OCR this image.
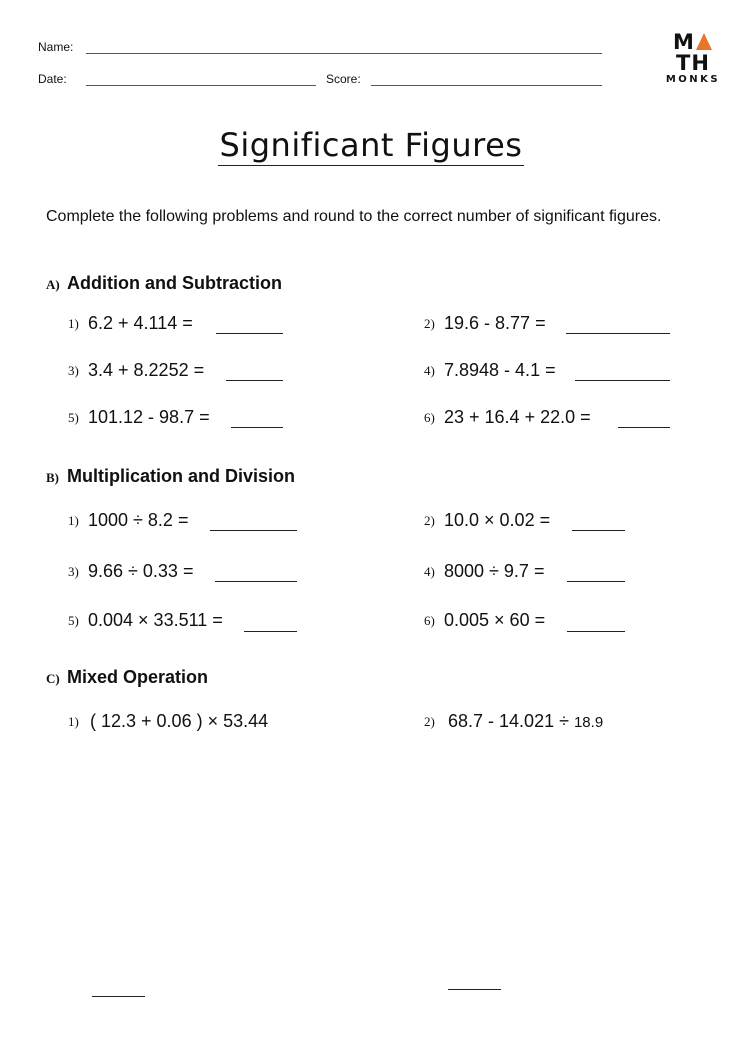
Name:
Date:	Score:
MTH
MONKS
Significant Figures
Complete the following problems and round to the correct number of significant figures.
A) Addition and Subtraction
1) 6.2 + 4.114 =	2) 19.6 - 8.77 =
3) 3.4 + 8.2252 =	4) 7.8948 - 4.1 =
5) 101.12 - 98.7 =	6) 23 + 16.4 + 22.0 =
B) Multiplication and Division
1) 1000 ÷ 8.2 =	2) 10.0 × 0.02 =
3) 9.66 ÷ 0.33 =	4) 8000 ÷ 9.7 =
5) 0.004 × 33.511 =	6) 0.005 × 60 =
C) Mixed Operation
1) ( 12.3 + 0.06 ) × 53.44	2) 68.7 - 14.021 ÷ 18.9
